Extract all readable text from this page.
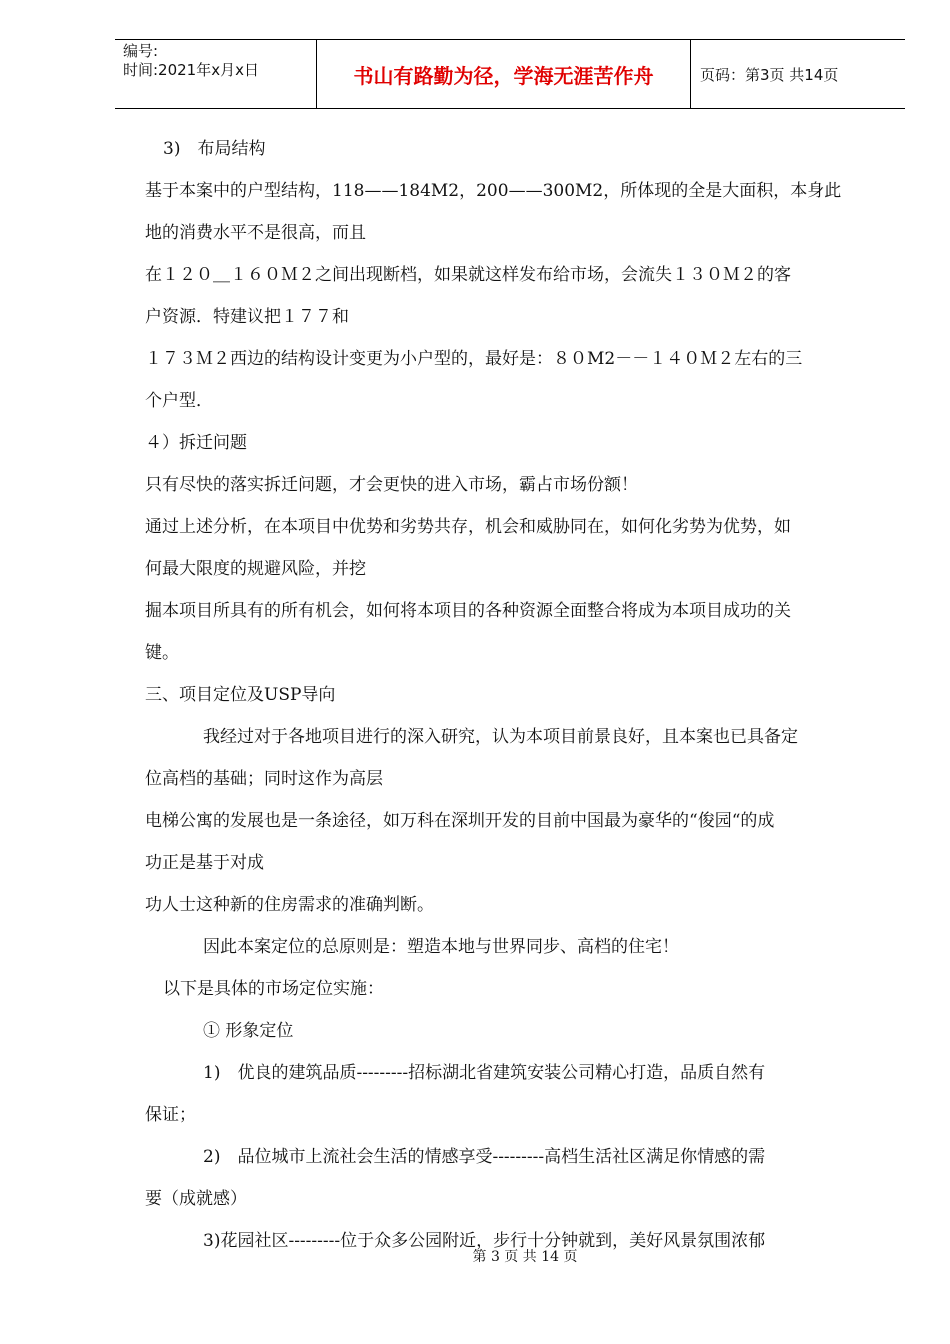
编号:
时间:2021年x月x日	书山有路勤为径，学海无涯苦作舟	页码：第3页 共14页

3)　布局结构

基于本案中的户型结构，118——184M2，200——300M2，所体现的全是大面积，本身此

地的消费水平不是很高，而且

在１２０＿１６０Ｍ２之间出现断档，如果就这样发布给市场，会流失１３０Ｍ２的客

户资源．特建议把１７７和

１７３Ｍ２西边的结构设计变更为小户型的，最好是：８０M2－－１４０Ｍ２左右的三

个户型．

４）拆迁问题

只有尽快的落实拆迁问题，才会更快的进入市场，霸占市场份额！

通过上述分析，在本项目中优势和劣势共存，机会和威胁同在，如何化劣势为优势，如

何最大限度的规避风险，并挖

掘本项目所具有的所有机会，如何将本项目的各种资源全面整合将成为本项目成功的关

键。

三、项目定位及USP导向

我经过对于各地项目进行的深入研究，认为本项目前景良好，且本案也已具备定

位高档的基础；同时这作为高层

电梯公寓的发展也是一条途径，如万科在深圳开发的目前中国最为豪华的“俊园“的成

功正是基于对成

功人士这种新的住房需求的准确判断。

因此本案定位的总原则是：塑造本地与世界同步、高档的住宅！

以下是具体的市场定位实施：

① 形象定位

1)　优良的建筑品质---------招标湖北省建筑安装公司精心打造，品质自然有

保证；

2)　品位城市上流社会生活的情感享受---------高档生活社区满足你情感的需

要（成就感）

3)花园社区---------位于众多公园附近，步行十分钟就到，美好风景氛围浓郁

第 3 页 共 14 页
